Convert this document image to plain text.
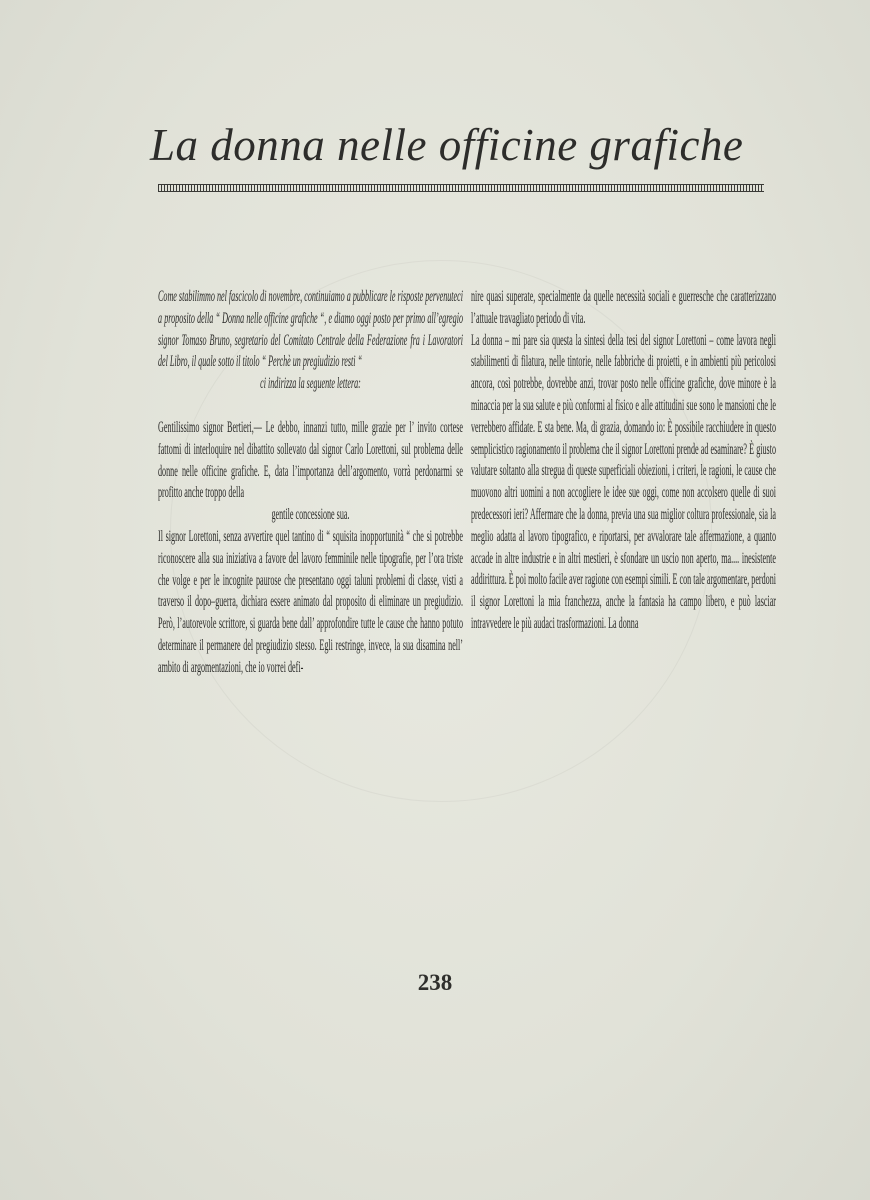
La donna nelle officine grafiche

Come stabilimmo nel fascicolo di novembre, continuiamo a pubblicare le risposte pervenuteci a proposito della “ Donna nelle officine grafiche “, e diamo oggi posto per primo all’egregio signor Tomaso Bruno, segretario del Comitato Centrale della Federazione fra i Lavoratori del Libro, il quale sotto il titolo “ Perchè un pregiudizio resti “

ci indirizza la seguente lettera:

Gentilissimo signor Bertieri,— Le debbo, innanzi tutto, mille grazie per l’ invito cortese fattomi di interloquire nel dibattito sollevato dal signor Carlo Lorettoni, sul problema delle donne nelle officine grafiche. E, data l’importanza dell’argomento, vorrà perdonarmi se profitto anche troppo della

gentile concessione sua.

Il signor Lorettoni, senza avvertire quel tantino di “ squisita inopportunità “ che si potrebbe riconoscere alla sua iniziativa a favore del lavoro femminile nelle tipografie, per l’ora triste che volge e per le incognite paurose che presentano oggi taluni problemi di classe, visti a traverso il dopo–guerra, dichiara essere animato dal proposito di eliminare un pregiudizio. Però, l’autorevole scrittore, si guarda bene dall’ approfondire tutte le cause che hanno potuto determinare il permanere del pregiudizio stesso. Egli restringe, invece, la sua disamina nell’ ambito di argomentazioni, che io vorrei defi-

nire quasi superate, specialmente da quelle necessità sociali e guerresche che caratterizzano l’attuale travagliato periodo di vita.

La donna – mi pare sia questa la sintesi della tesi del signor Lorettoni – come lavora negli stabilimenti di filatura, nelle tintorie, nelle fabbriche di proietti, e in ambienti più pericolosi ancora, così potrebbe, dovrebbe anzi, trovar posto nelle officine grafiche, dove minore è la minaccia per la sua salute e più conformi al fisico e alle attitudini sue sono le mansioni che le verrebbero affidate. E sta bene. Ma, di grazia, domando io: È possibile racchiudere in questo semplicistico ragionamento il problema che il signor Lorettoni prende ad esaminare? È giusto valutare soltanto alla stregua di queste superficiali obiezioni, i criteri, le ragioni, le cause che muovono altri uomini a non accogliere le idee sue oggi, come non accolsero quelle di suoi predecessori ieri? Affermare che la donna, previa una sua miglior coltura professionale, sia la meglio adatta al lavoro tipografico, e riportarsi, per avvalorare tale affermazione, a quanto accade in altre industrie e in altri mestieri, è sfondare un uscio non aperto, ma.... inesistente addirittura. È poi molto facile aver ragione con esempi simili. E con tale argomentare, perdoni il signor Lorettoni la mia franchezza, anche la fantasia ha campo libero, e può lasciar intravvedere le più audaci trasformazioni. La donna

238
